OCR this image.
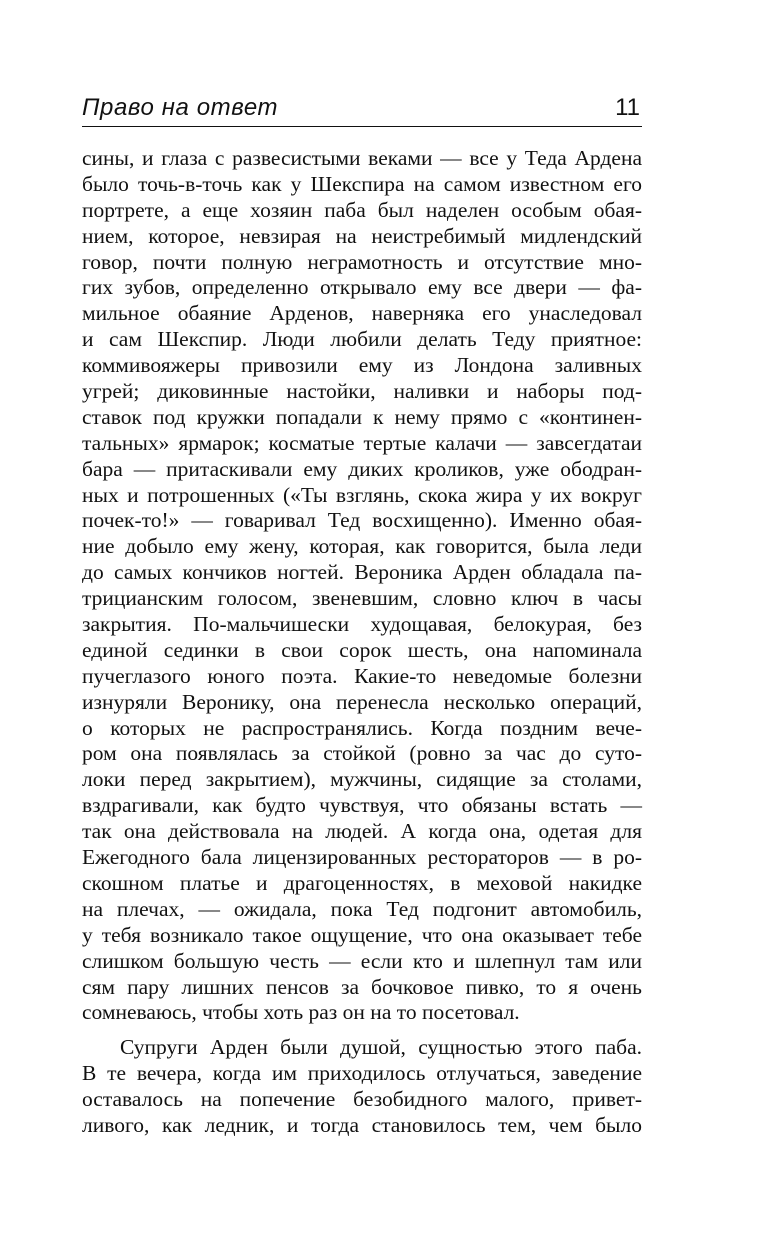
Право на ответ	11
сины, и глаза с развесистыми веками — все у Теда Ардена
было точь-в-точь как у Шекспира на самом известном его
портрете, а еще хозяин паба был наделен особым обая-
нием, которое, невзирая на неистребимый мидлендский
говор, почти полную неграмотность и отсутствие мно-
гих зубов, определенно открывало ему все двери — фа-
мильное обаяние Арденов, наверняка его унаследовал
и сам Шекспир. Люди любили делать Теду приятное:
коммивояжеры привозили ему из Лондона заливных
угрей; диковинные настойки, наливки и наборы под-
ставок под кружки попадали к нему прямо с «континен-
тальных» ярмарок; косматые тертые калачи — завсегдатаи
бара — притаскивали ему диких кроликов, уже ободран-
ных и потрошенных («Ты взглянь, скока жира у их вокруг
почек-то!» — говаривал Тед восхищенно). Именно обая-
ние добыло ему жену, которая, как говорится, была леди
до самых кончиков ногтей. Вероника Арден обладала па-
трицианским голосом, звеневшим, словно ключ в часы
закрытия. По-мальчишески худощавая, белокурая, без
единой сединки в свои сорок шесть, она напоминала
пучеглазого юного поэта. Какие-то неведомые болезни
изнуряли Веронику, она перенесла несколько операций,
о которых не распространялись. Когда поздним вече-
ром она появлялась за стойкой (ровно за час до суто-
локи перед закрытием), мужчины, сидящие за столами,
вздрагивали, как будто чувствуя, что обязаны встать —
так она действовала на людей. А когда она, одетая для
Ежегодного бала лицензированных рестораторов — в ро-
скошном платье и драгоценностях, в меховой накидке
на плечах, — ожидала, пока Тед подгонит автомобиль,
у тебя возникало такое ощущение, что она оказывает тебе
слишком большую честь — если кто и шлепнул там или
сям пару лишних пенсов за бочковое пивко, то я очень
сомневаюсь, чтобы хоть раз он на то посетовал.
Супруги Арден были душой, сущностью этого паба.
В те вечера, когда им приходилось отлучаться, заведение
оставалось на попечение безобидного малого, привет-
ливого, как ледник, и тогда становилось тем, чем было
